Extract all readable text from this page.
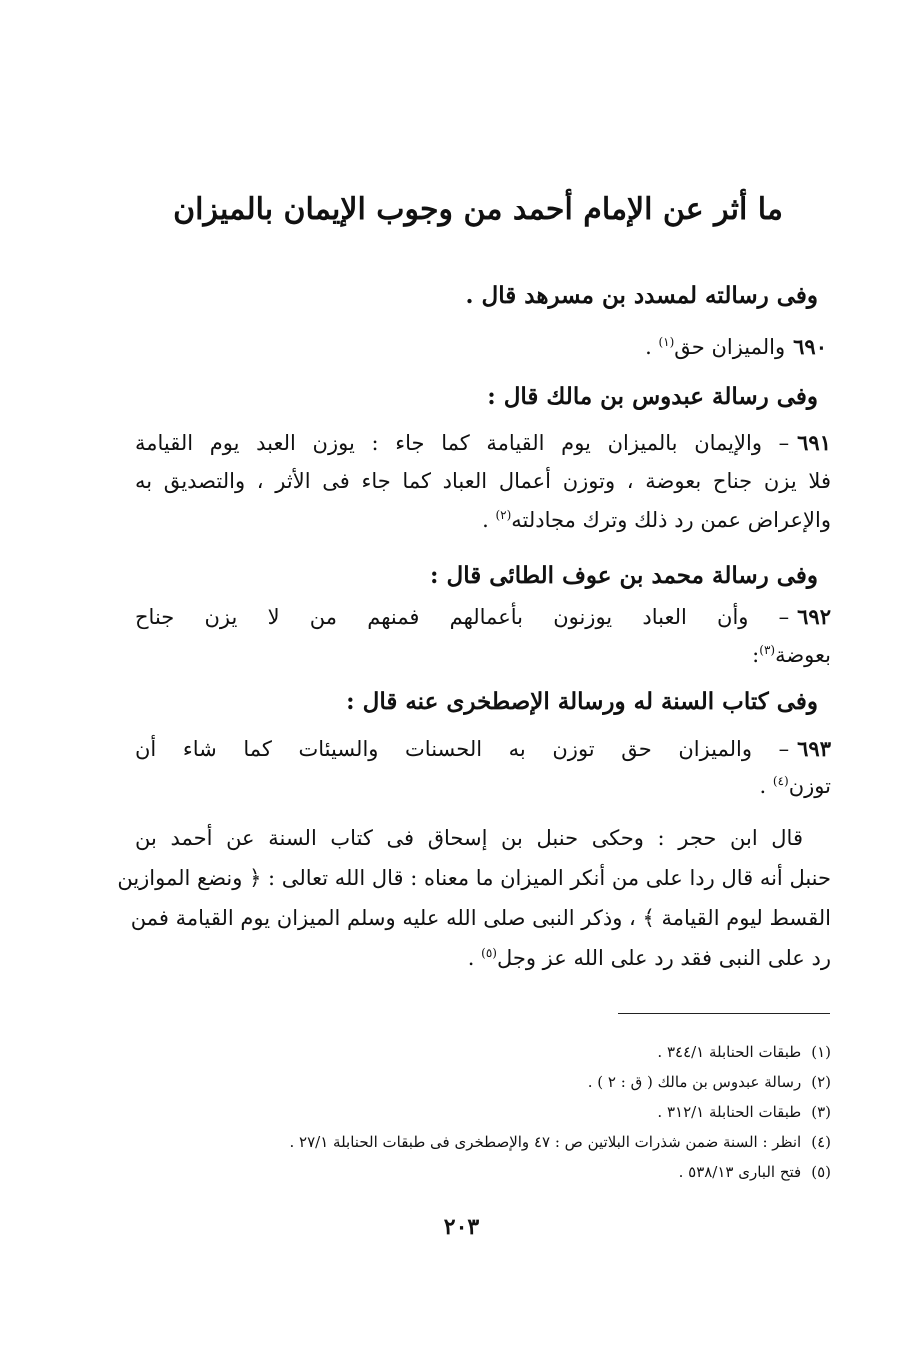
ما أثر عن الإمام أحمد من وجوب الإيمان بالميزان
وفى رسالته لمسدد بن مسرهد قال .
٦٩٠والميزان حق$^{(١)}$ .
وفى رسالة عبدوس بن مالك قال :
٦٩١– والإيمان بالميزان يوم القيامة كما جاء : يوزن العبد يوم القيامة
فلا يزن جناح بعوضة ، وتوزن أعمال العباد كما جاء فى الأثر ، والتصديق به
والإعراض عمن رد ذلك وترك مجادلته$^{(٢)}$ .
وفى رسالة محمد بن عوف الطائى قال :
٦٩٢– وأن العباد يوزنون بأعمالهم فمنهم من لا يزن جناح
بعوضة$^{(٣)}$:
وفى كتاب السنة له ورسالة الإصطخرى عنه قال :
٦٩٣– والميزان حق توزن به الحسنات والسيئات كما شاء أن
توزن$^{(٤)}$ .
قال ابن حجر : وحكى حنبل بن إسحاق فى كتاب السنة عن أحمد بن
حنبل أنه قال ردا على من أنكر الميزان ما معناه : قال الله تعالى : ﴿ ونضع الموازين
القسط ليوم القيامة ﴾ ، وذكر النبى صلى الله عليه وسلم الميزان يوم القيامة فمن
رد على النبى فقد رد على الله عز وجل$^{(٥)}$ .
(١)طبقات الحنابلة ٣٤٤/١ .
(٢)رسالة عبدوس بن مالك ( ق : ٢ ) .
(٣)طبقات الحنابلة ٣١٢/١ .
(٤)انظر : السنة ضمن شذرات البلاتين ص : ٤٧ والإصطخرى فى طبقات الحنابلة ٢٧/١ .
(٥)فتح البارى ٥٣٨/١٣ .
٢٠٣
